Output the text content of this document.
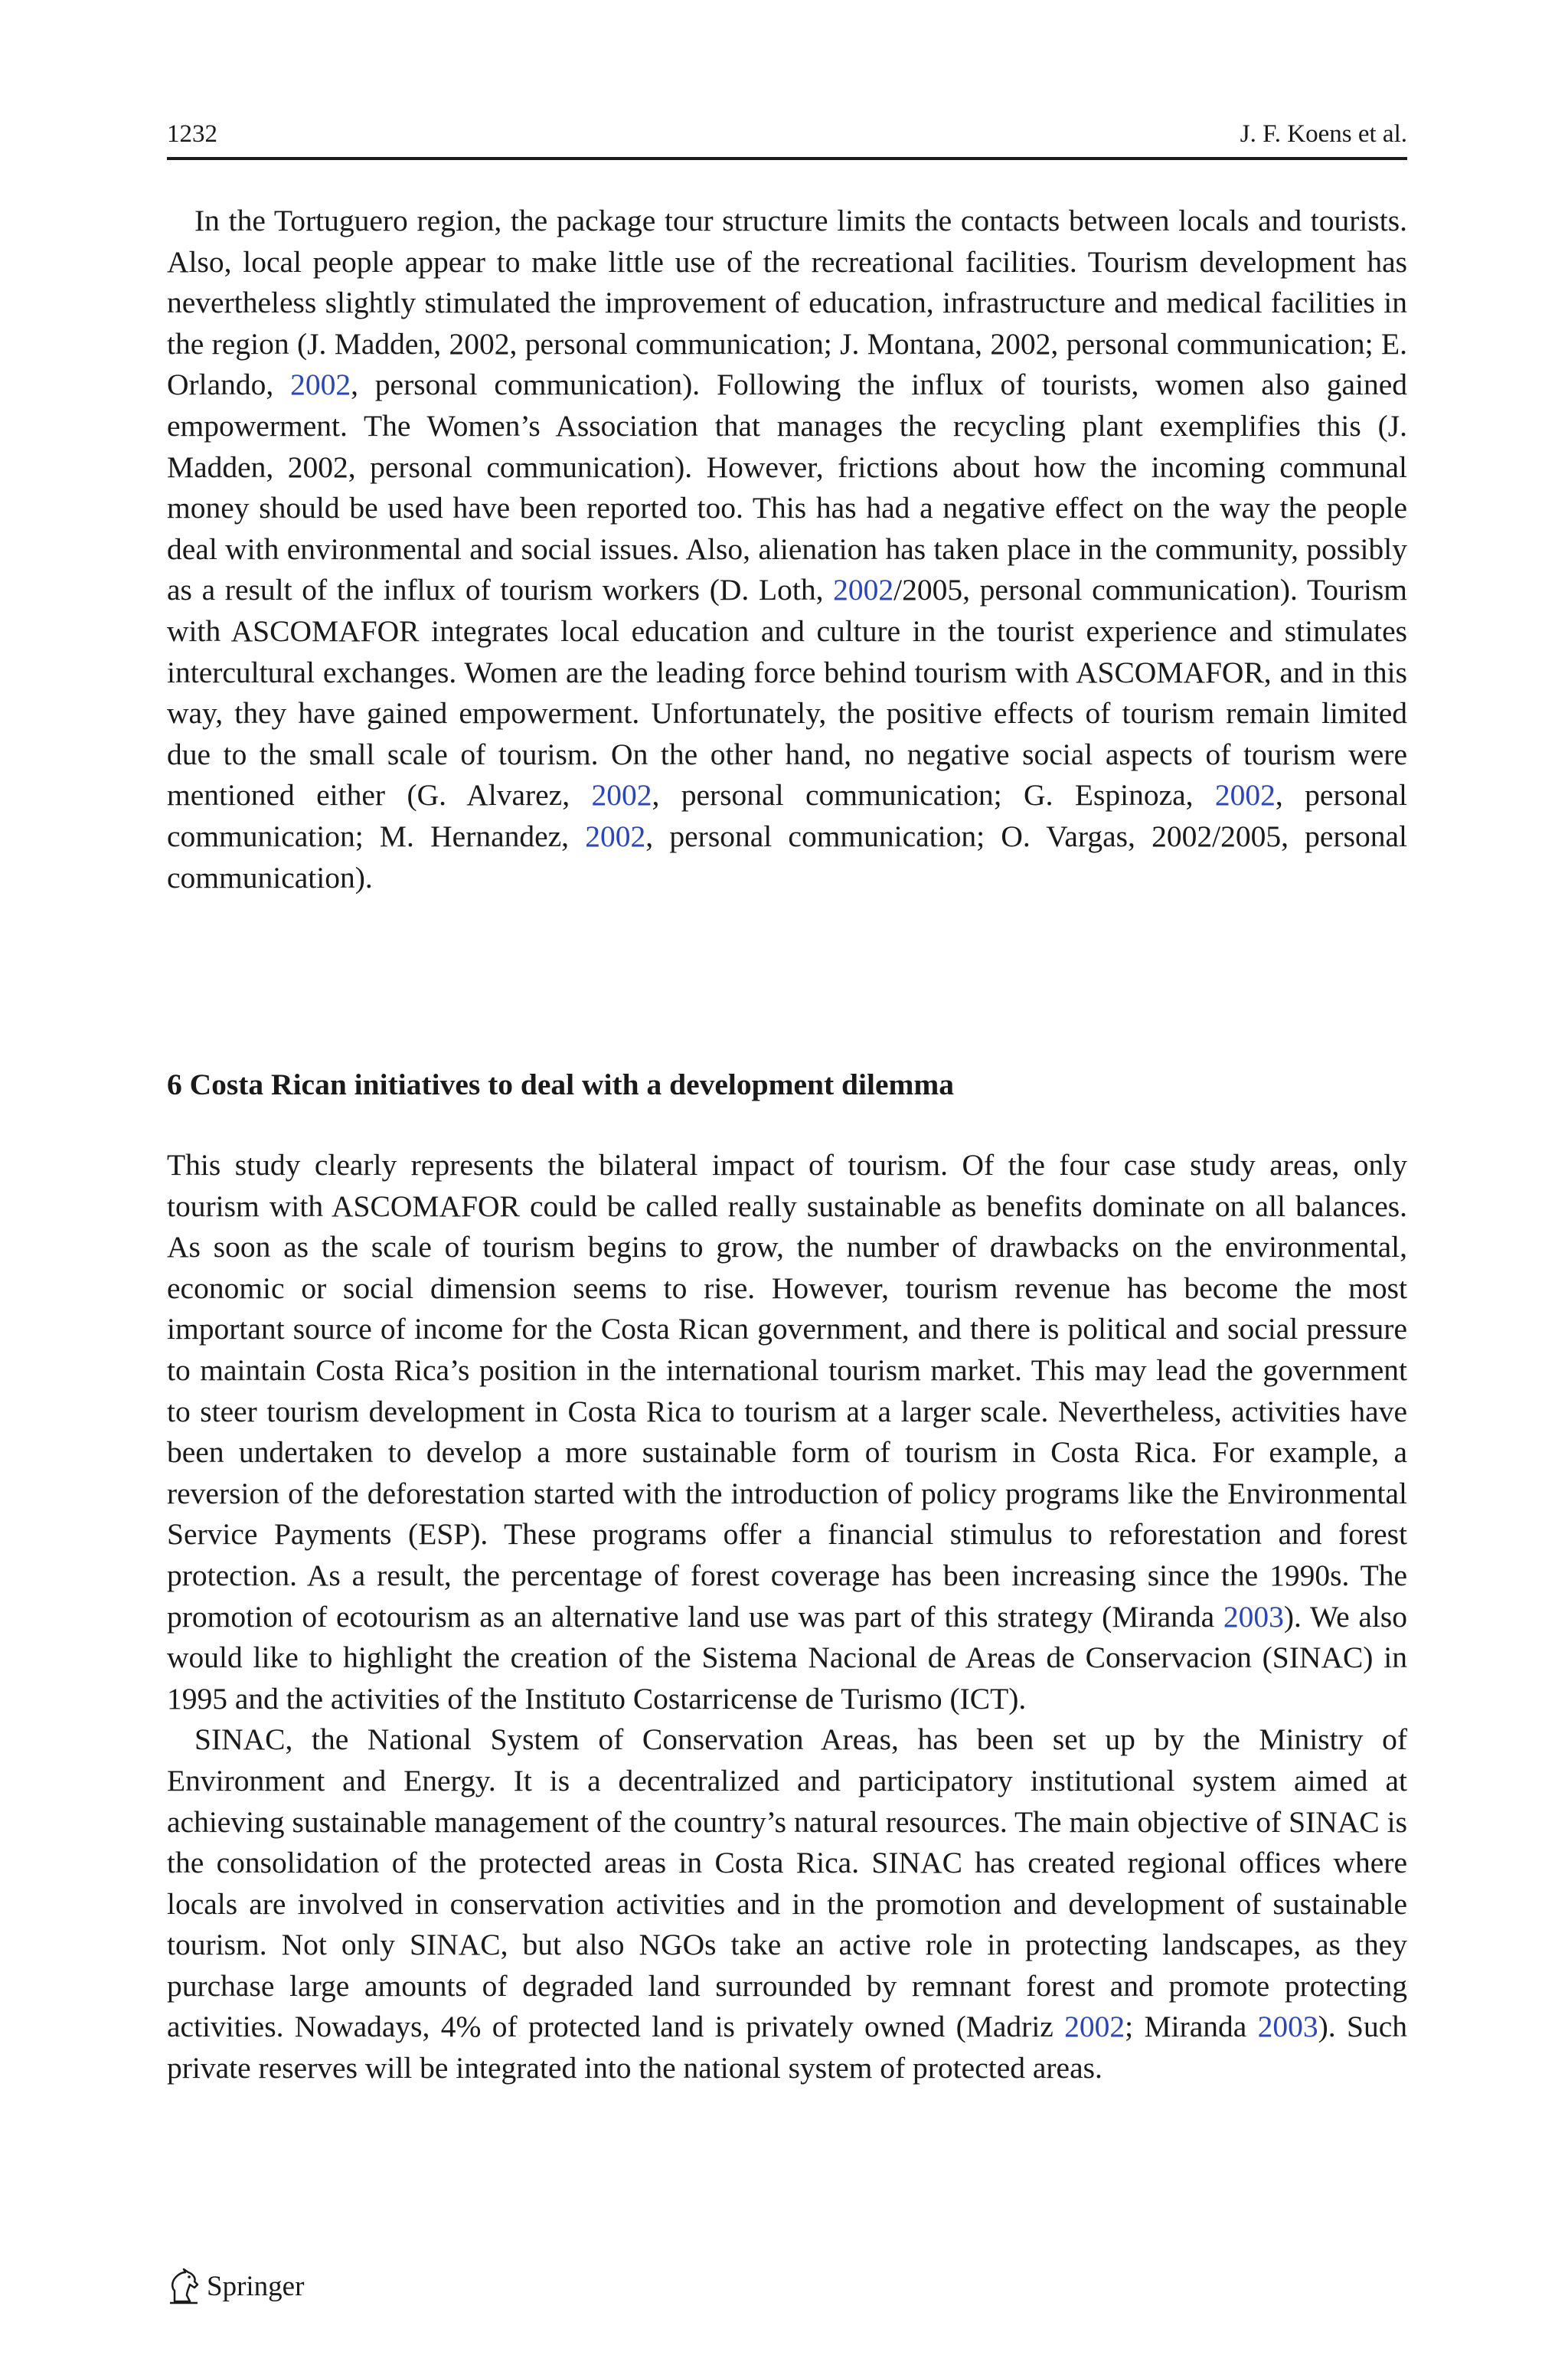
1232	J. F. Koens et al.

In the Tortuguero region, the package tour structure limits the contacts between locals and tourists. Also, local people appear to make little use of the recreational facilities. Tourism development has nevertheless slightly stimulated the improvement of education, infrastructure and medical facilities in the region (J. Madden, 2002, personal communication; J. Montana, 2002, personal communication; E. Orlando, 2002, personal communication). Following the influx of tourists, women also gained empowerment. The Women’s Association that manages the recycling plant exemplifies this (J. Madden, 2002, personal communication). However, frictions about how the incoming communal money should be used have been reported too. This has had a negative effect on the way the people deal with environmental and social issues. Also, alienation has taken place in the community, possibly as a result of the influx of tourism workers (D. Loth, 2002/2005, personal communication). Tourism with ASCOMAFOR integrates local education and culture in the tourist experience and stimulates intercultural exchanges. Women are the leading force behind tourism with ASCOMAFOR, and in this way, they have gained empowerment. Unfortunately, the positive effects of tourism remain limited due to the small scale of tourism. On the other hand, no negative social aspects of tourism were mentioned either (G. Alvarez, 2002, personal communication; G. Espinoza, 2002, personal communication; M. Hernandez, 2002, personal communication; O. Vargas, 2002/2005, personal communication).

6 Costa Rican initiatives to deal with a development dilemma

This study clearly represents the bilateral impact of tourism. Of the four case study areas, only tourism with ASCOMAFOR could be called really sustainable as benefits dominate on all balances. As soon as the scale of tourism begins to grow, the number of drawbacks on the environmental, economic or social dimension seems to rise. However, tourism revenue has become the most important source of income for the Costa Rican government, and there is political and social pressure to maintain Costa Rica’s position in the international tourism market. This may lead the government to steer tourism development in Costa Rica to tourism at a larger scale. Nevertheless, activities have been undertaken to develop a more sustainable form of tourism in Costa Rica. For example, a reversion of the deforestation started with the introduction of policy programs like the Environmental Service Payments (ESP). These programs offer a financial stimulus to reforestation and forest protection. As a result, the percentage of forest coverage has been increasing since the 1990s. The promotion of ecotourism as an alternative land use was part of this strategy (Miranda 2003). We also would like to highlight the creation of the Sistema Nacional de Areas de Conservacion (SINAC) in 1995 and the activities of the Instituto Costarricense de Turismo (ICT).

SINAC, the National System of Conservation Areas, has been set up by the Ministry of Environment and Energy. It is a decentralized and participatory institutional system aimed at achieving sustainable management of the country’s natural resources. The main objective of SINAC is the consolidation of the protected areas in Costa Rica. SINAC has created regional offices where locals are involved in conservation activities and in the promotion and development of sustainable tourism. Not only SINAC, but also NGOs take an active role in protecting landscapes, as they purchase large amounts of degraded land surrounded by remnant forest and promote protecting activities. Nowadays, 4% of protected land is privately owned (Madriz 2002; Miranda 2003). Such private reserves will be integrated into the national system of protected areas.

Springer
